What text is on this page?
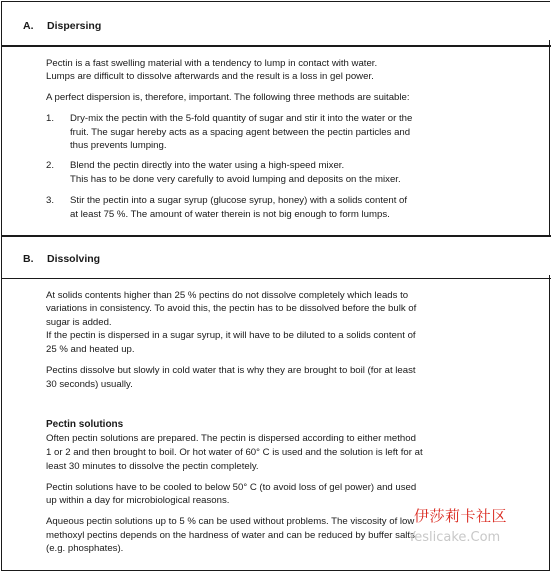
A. Dispersing
Pectin is a fast swelling material with a tendency to lump in contact with water.
Lumps are difficult to dissolve afterwards and the result is a loss in gel power.
A perfect dispersion is, therefore, important. The following three methods are suitable:
1. Dry-mix the pectin with the 5-fold quantity of sugar and stir it into the water or the
fruit. The sugar hereby acts as a spacing agent between the pectin particles and
thus prevents lumping.
2. Blend the pectin directly into the water using a high-speed mixer.
This has to be done very carefully to avoid lumping and deposits on the mixer.
3. Stir the pectin into a sugar syrup (glucose syrup, honey) with a solids content of
at least 75 %. The amount of water therein is not big enough to form lumps.
B. Dissolving
At solids contents higher than 25 % pectins do not dissolve completely which leads to
variations in consistency. To avoid this, the pectin has to be dissolved before the bulk of
sugar is added.
If the pectin is dispersed in a sugar syrup, it will have to be diluted to a solids content of
25 % and heated up.
Pectins dissolve but slowly in cold water that is why they are brought to boil (for at least
30 seconds) usually.
Pectin solutions
Often pectin solutions are prepared. The pectin is dispersed according to either method
1 or 2 and then brought to boil. Or hot water of 60° C is used and the solution is left for at
least 30 minutes to dissolve the pectin completely.
Pectin solutions have to be cooled to below 50° C (to avoid loss of gel power) and used
up within a day for microbiological reasons.
Aqueous pectin solutions up to 5 % can be used without problems. The viscosity of low
methoxyl pectins depends on the hardness of water and can be reduced by buffer salts
(e.g. phosphates).
伊莎莉卡社区
Yeslicake.Com
